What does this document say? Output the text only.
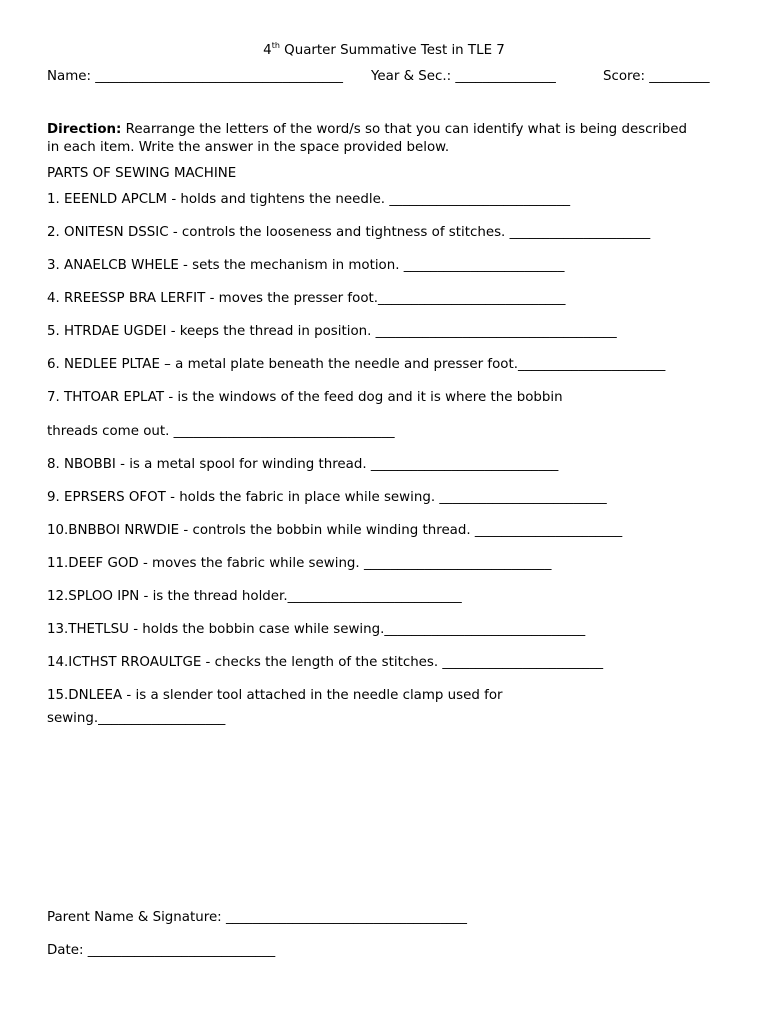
4th Quarter Summative Test in TLE 7
Name: _____________________________________ Year & Sec.: _______________	Score: _________
Direction: Rearrange the letters of the word/s so that you can identify what is being described in each item. Write the answer in the space provided below.
PARTS OF SEWING MACHINE
1. EEENLD APCLM - holds and tightens the needle. ___________________________
2. ONITESN DSSIC - controls the looseness and tightness of stitches. _____________________
3. ANAELCB WHELE - sets the mechanism in motion. ________________________
4. RREESSP BRA LERFIT - moves the presser foot.____________________________
5. HTRDAE UGDEI - keeps the thread in position. ____________________________________
6. NEDLEE PLTAE – a metal plate beneath the needle and presser foot.______________________
7. THTOAR EPLAT - is the windows of the feed dog and it is where the bobbin
threads come out. _________________________________
8. NBOBBI - is a metal spool for winding thread. ____________________________
9. EPRSERS OFOT - holds the fabric in place while sewing. _________________________
10.BNBBOI NRWDIE - controls the bobbin while winding thread. ______________________
11.DEEF GOD - moves the fabric while sewing. ____________________________
12.SPLOO IPN - is the thread holder.__________________________
13.THETLSU - holds the bobbin case while sewing.______________________________
14.ICTHST RROAULTGE - checks the length of the stitches. ________________________
15.DNLEEA - is a slender tool attached in the needle clamp used for
sewing.___________________
Parent Name & Signature: ____________________________________
Date: ____________________________
